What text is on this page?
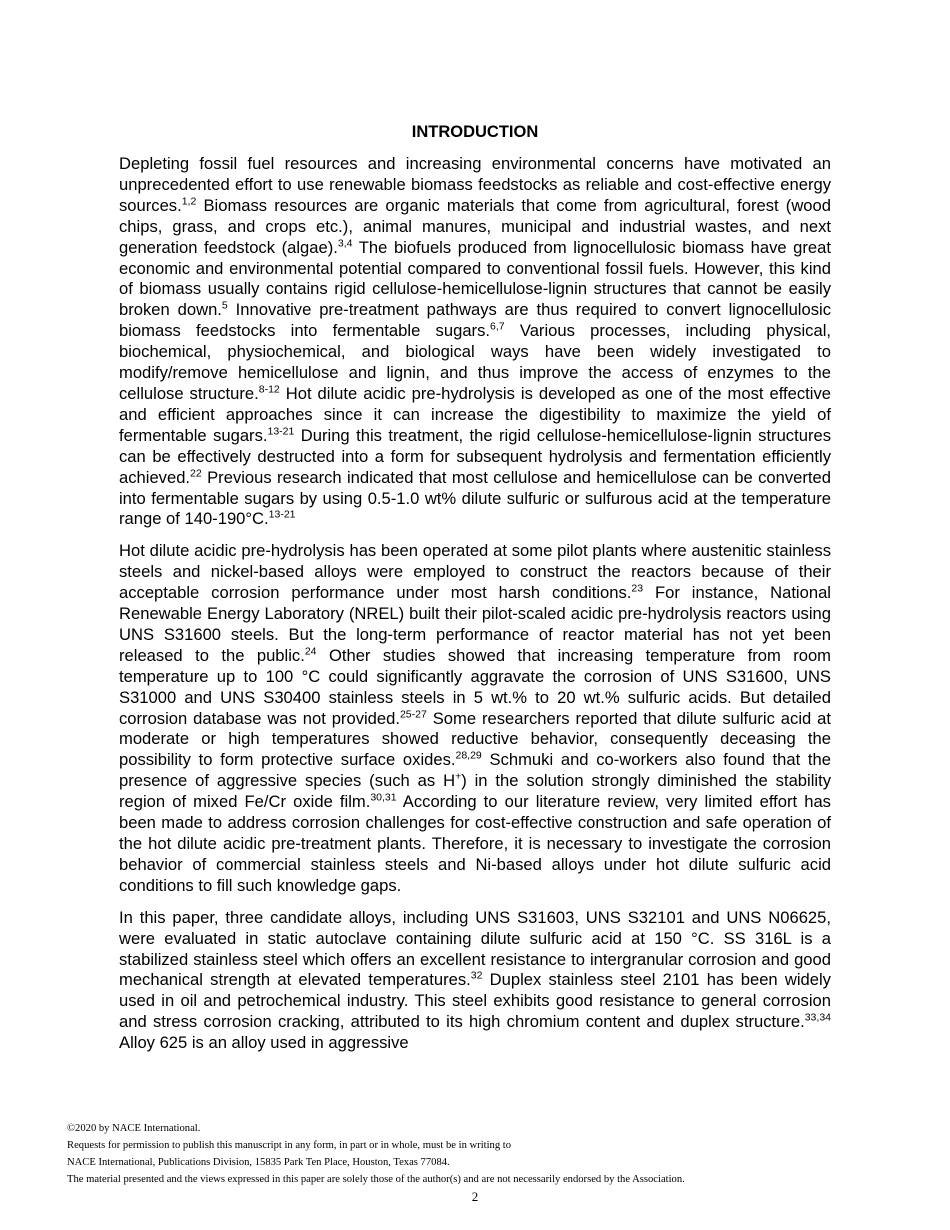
INTRODUCTION

Depleting fossil fuel resources and increasing environmental concerns have motivated an unprecedented effort to use renewable biomass feedstocks as reliable and cost-effective energy sources.$^{1,2}$ Biomass resources are organic materials that come from agricultural, forest (wood chips, grass, and crops etc.), animal manures, municipal and industrial wastes, and next generation feedstock (algae).$^{3,4}$ The biofuels produced from lignocellulosic biomass have great economic and environmental potential compared to conventional fossil fuels. However, this kind of biomass usually contains rigid cellulose-hemicellulose-lignin structures that cannot be easily broken down.$^5$ Innovative pre-treatment pathways are thus required to convert lignocellulosic biomass feedstocks into fermentable sugars.$^{6,7}$ Various processes, including physical, biochemical, physiochemical, and biological ways have been widely investigated to modify/remove hemicellulose and lignin, and thus improve the access of enzymes to the cellulose structure.$^{8-12}$ Hot dilute acidic pre-hydrolysis is developed as one of the most effective and efficient approaches since it can increase the digestibility to maximize the yield of fermentable sugars.$^{13-21}$ During this treatment, the rigid cellulose-hemicellulose-lignin structures can be effectively destructed into a form for subsequent hydrolysis and fermentation efficiently achieved.$^{22}$ Previous research indicated that most cellulose and hemicellulose can be converted into fermentable sugars by using 0.5-1.0 wt% dilute sulfuric or sulfurous acid at the temperature range of 140-190°C.$^{13-21}$

Hot dilute acidic pre-hydrolysis has been operated at some pilot plants where austenitic stainless steels and nickel-based alloys were employed to construct the reactors because of their acceptable corrosion performance under most harsh conditions.$^{23}$ For instance, National Renewable Energy Laboratory (NREL) built their pilot-scaled acidic pre-hydrolysis reactors using UNS S31600 steels. But the long-term performance of reactor material has not yet been released to the public.$^{24}$ Other studies showed that increasing temperature from room temperature up to 100 °C could significantly aggravate the corrosion of UNS S31600, UNS S31000 and UNS S30400 stainless steels in 5 wt.% to 20 wt.% sulfuric acids. But detailed corrosion database was not provided.$^{25-27}$ Some researchers reported that dilute sulfuric acid at moderate or high temperatures showed reductive behavior, consequently deceasing the possibility to form protective surface oxides.$^{28,29}$ Schmuki and co-workers also found that the presence of aggressive species (such as H+) in the solution strongly diminished the stability region of mixed Fe/Cr oxide film.$^{30,31}$ According to our literature review, very limited effort has been made to address corrosion challenges for cost-effective construction and safe operation of the hot dilute acidic pre-treatment plants. Therefore, it is necessary to investigate the corrosion behavior of commercial stainless steels and Ni-based alloys under hot dilute sulfuric acid conditions to fill such knowledge gaps.

In this paper, three candidate alloys, including UNS S31603, UNS S32101 and UNS N06625, were evaluated in static autoclave containing dilute sulfuric acid at 150 °C. SS 316L is a stabilized stainless steel which offers an excellent resistance to intergranular corrosion and good mechanical strength at elevated temperatures.$^{32}$ Duplex stainless steel 2101 has been widely used in oil and petrochemical industry. This steel exhibits good resistance to general corrosion and stress corrosion cracking, attributed to its high chromium content and duplex structure.$^{33,34}$ Alloy 625 is an alloy used in aggressive

©2020 by NACE International.
Requests for permission to publish this manuscript in any form, in part or in whole, must be in writing to
NACE International, Publications Division, 15835 Park Ten Place, Houston, Texas 77084.
The material presented and the views expressed in this paper are solely those of the author(s) and are not necessarily endorsed by the Association.
2
